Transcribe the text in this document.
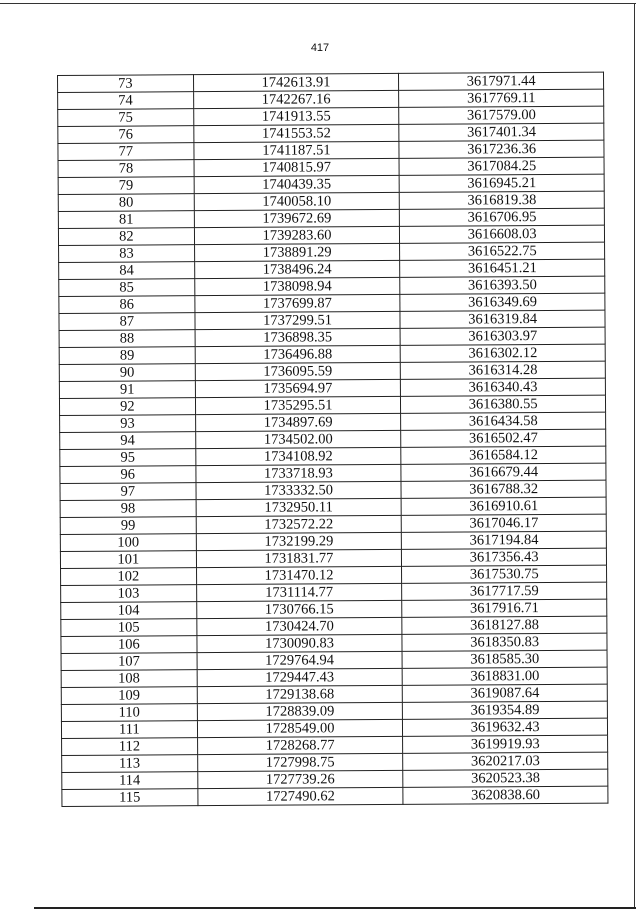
417
73	1742613.91	3617971.44
74	1742267.16	3617769.11
75	1741913.55	3617579.00
76	1741553.52	3617401.34
77	1741187.51	3617236.36
78	1740815.97	3617084.25
79	1740439.35	3616945.21
80	1740058.10	3616819.38
81	1739672.69	3616706.95
82	1739283.60	3616608.03
83	1738891.29	3616522.75
84	1738496.24	3616451.21
85	1738098.94	3616393.50
86	1737699.87	3616349.69
87	1737299.51	3616319.84
88	1736898.35	3616303.97
89	1736496.88	3616302.12
90	1736095.59	3616314.28
91	1735694.97	3616340.43
92	1735295.51	3616380.55
93	1734897.69	3616434.58
94	1734502.00	3616502.47
95	1734108.92	3616584.12
96	1733718.93	3616679.44
97	1733332.50	3616788.32
98	1732950.11	3616910.61
99	1732572.22	3617046.17
100	1732199.29	3617194.84
101	1731831.77	3617356.43
102	1731470.12	3617530.75
103	1731114.77	3617717.59
104	1730766.15	3617916.71
105	1730424.70	3618127.88
106	1730090.83	3618350.83
107	1729764.94	3618585.30
108	1729447.43	3618831.00
109	1729138.68	3619087.64
110	1728839.09	3619354.89
111	1728549.00	3619632.43
112	1728268.77	3619919.93
113	1727998.75	3620217.03
114	1727739.26	3620523.38
115	1727490.62	3620838.60
